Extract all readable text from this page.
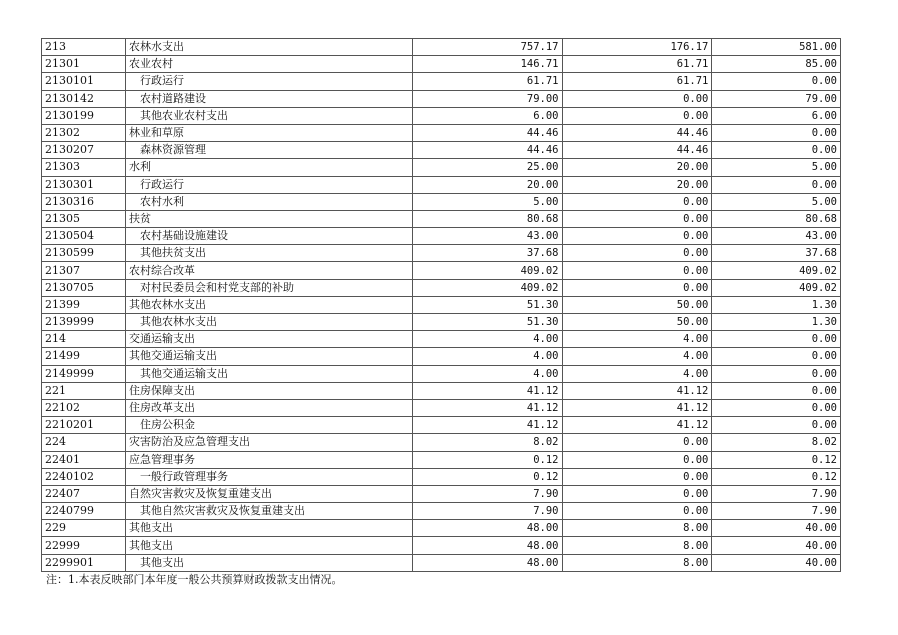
213	农林水支出	757.17	176.17	581.00
21301	农业农村	146.71	61.71	85.00
2130101	行政运行	61.71	61.71	0.00
2130142	农村道路建设	79.00	0.00	79.00
2130199	其他农业农村支出	6.00	0.00	6.00
21302	林业和草原	44.46	44.46	0.00
2130207	森林资源管理	44.46	44.46	0.00
21303	水利	25.00	20.00	5.00
2130301	行政运行	20.00	20.00	0.00
2130316	农村水利	5.00	0.00	5.00
21305	扶贫	80.68	0.00	80.68
2130504	农村基础设施建设	43.00	0.00	43.00
2130599	其他扶贫支出	37.68	0.00	37.68
21307	农村综合改革	409.02	0.00	409.02
2130705	对村民委员会和村党支部的补助	409.02	0.00	409.02
21399	其他农林水支出	51.30	50.00	1.30
2139999	其他农林水支出	51.30	50.00	1.30
214	交通运输支出	4.00	4.00	0.00
21499	其他交通运输支出	4.00	4.00	0.00
2149999	其他交通运输支出	4.00	4.00	0.00
221	住房保障支出	41.12	41.12	0.00
22102	住房改革支出	41.12	41.12	0.00
2210201	住房公积金	41.12	41.12	0.00
224	灾害防治及应急管理支出	8.02	0.00	8.02
22401	应急管理事务	0.12	0.00	0.12
2240102	一般行政管理事务	0.12	0.00	0.12
22407	自然灾害救灾及恢复重建支出	7.90	0.00	7.90
2240799	其他自然灾害救灾及恢复重建支出	7.90	0.00	7.90
229	其他支出	48.00	8.00	40.00
22999	其他支出	48.00	8.00	40.00
2299901	其他支出	48.00	8.00	40.00
注：1.本表反映部门本年度一般公共预算财政拨款支出情况。
